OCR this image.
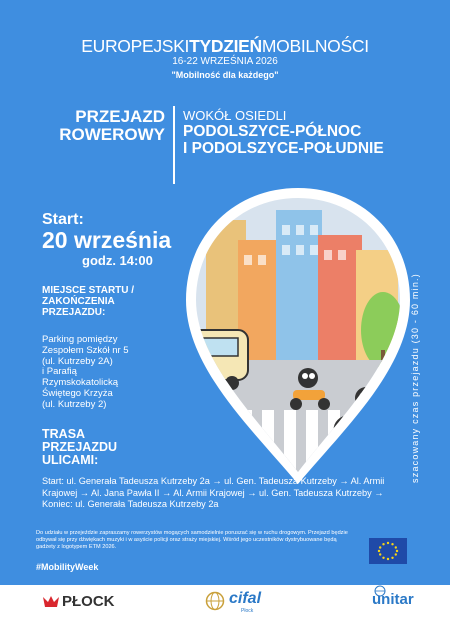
EUROPEJSKITYDZIEŃMOBILNOŚCI
16-22 WRZEŚNIA 2026
"Mobilność dla każdego"
PRZEJAZD
ROWEROWY
WOKÓŁ OSIEDLI
PODOLSZYCE-PÓŁNOC
I PODOLSZYCE-POŁUDNIE
Start:
20 września
godz. 14:00
MIEJSCE STARTU /
ZAKOŃCZENIA
PRZEJAZDU:
Parking pomiędzy
Zespołem Szkół nr 5
(ul. Kutrzeby 2A)
i Parafią
Rzymskokatolicką
Świętego Krzyża
(ul. Kutrzeby 2)
TRASA
PRZEJAZDU
ULICAMI:
Start: ul. Generała Tadeusza Kutrzeby 2a → ul. Gen. Tadeusza Kutrzeby → Al. Armii Krajowej → Al. Jana Pawła II → Al. Armii Krajowej → ul. Gen. Tadeusza Kutrzeby → Koniec: ul. Generała Tadeusza Kutrzeby 2a
szacowany czas przejazdu (30 - 60 min.)
Do udziału w przejeździe zapraszamy rowerzystów mogących samodzielnie poruszać się w ruchu drogowym. Przejazd będzie odbywał się przy dźwiękach muzyki i w asyście policji oraz straży miejskiej. Wśród jego uczestników dystrybuowane będą gadżety z logotypem ETM 2026.
#MobilityWeek
PŁOCK	cifal
Płock
unitar
